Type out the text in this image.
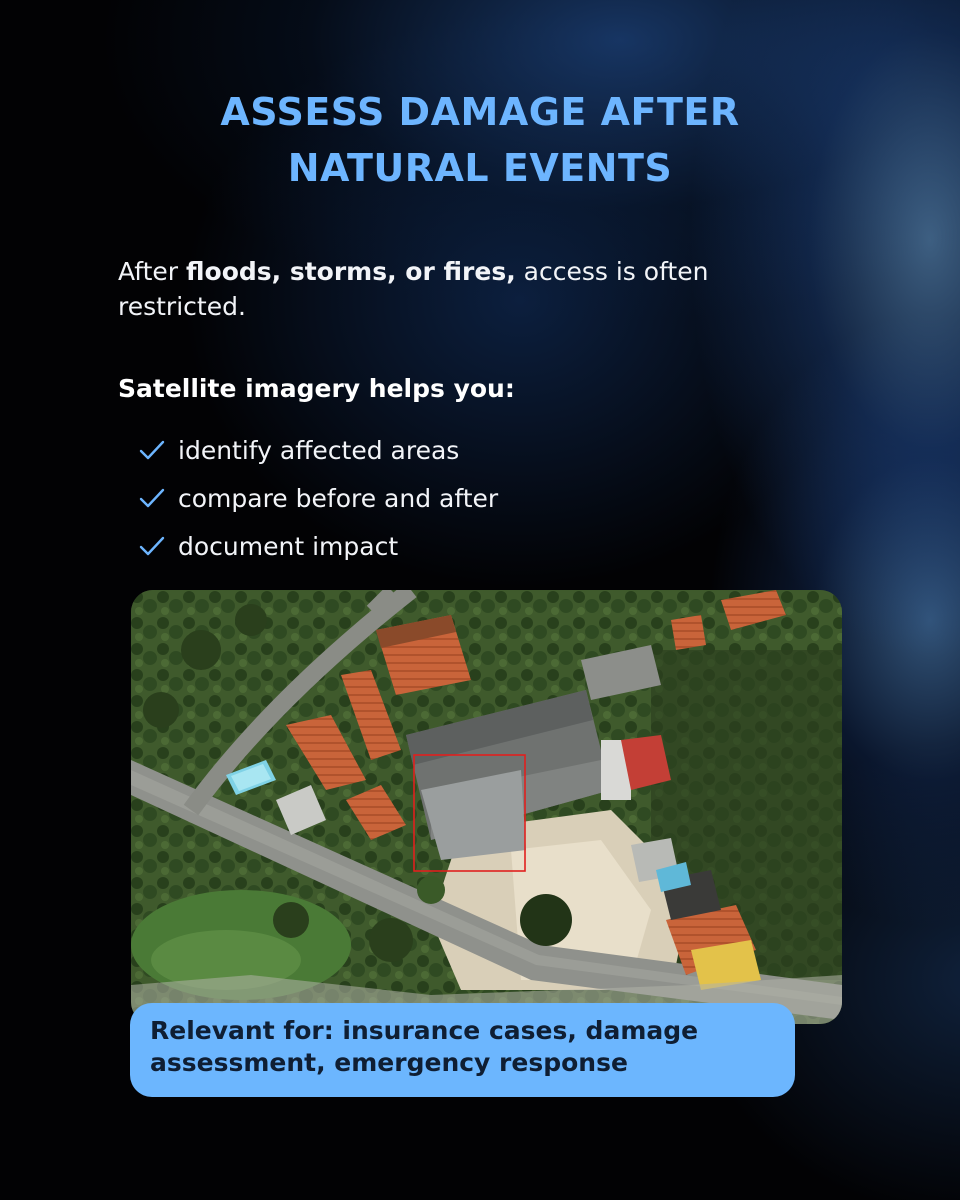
ASSESS DAMAGE AFTER
NATURAL EVENTS

After floods, storms, or fires, access is often restricted.

Satellite imagery helps you:

identify affected areas
compare before and after
document impact

Relevant for: insurance cases, damage assessment, emergency response
